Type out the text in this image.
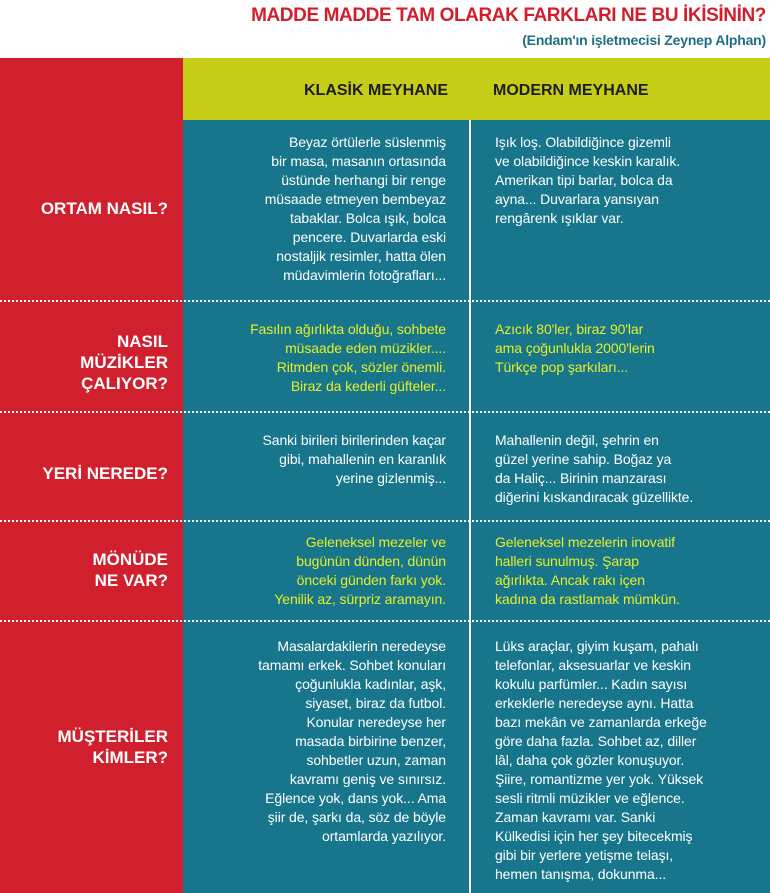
MADDE MADDE TAM OLARAK FARKLARI NE BU İKİSİNİN?
(Endam'ın işletmecisi Zeynep Alphan)
KLASİK MEYHANE	MODERN MEYHANE
ORTAM NASIL?
Beyaz örtülerle süslenmiş
bir masa, masanın ortasında
üstünde herhangi bir renge
müsaade etmeyen bembeyaz
tabaklar. Bolca ışık, bolca
pencere. Duvarlarda eski
nostaljik resimler, hatta ölen
müdavimlerin fotoğrafları...
Işık loş. Olabildiğince gizemli
ve olabildiğince keskin karalık.
Amerikan tipi barlar, bolca da
ayna... Duvarlara yansıyan
rengârenk ışıklar var.
NASIL
MÜZİKLER
ÇALIYOR?
Fasılın ağırlıkta olduğu, sohbete
müsaade eden müzikler....
Ritmden çok, sözler önemli.
Biraz da kederli güfteler...
Azıcık 80'ler, biraz 90'lar
ama çoğunlukla 2000'lerin
Türkçe pop şarkıları...
YERİ NEREDE?
Sanki birileri birilerinden kaçar
gibi, mahallenin en karanlık
yerine gizlenmiş...
Mahallenin değil, şehrin en
güzel yerine sahip. Boğaz ya
da Haliç... Birinin manzarası
diğerini kıskandıracak güzellikte.
MÖNÜDE
NE VAR?
Geleneksel mezeler ve
bugünün dünden, dünün
önceki günden farkı yok.
Yenilik az, sürpriz aramayın.
Geleneksel mezelerin inovatif
halleri sunulmuş. Şarap
ağırlıkta. Ancak rakı içen
kadına da rastlamak mümkün.
MÜŞTERİLER
KİMLER?
Masalardakilerin neredeyse
tamamı erkek. Sohbet konuları
çoğunlukla kadınlar, aşk,
siyaset, biraz da futbol.
Konular neredeyse her
masada birbirine benzer,
sohbetler uzun, zaman
kavramı geniş ve sınırsız.
Eğlence yok, dans yok... Ama
şiir de, şarkı da, söz de böyle
ortamlarda yazılıyor.
Lüks araçlar, giyim kuşam, pahalı
telefonlar, aksesuarlar ve keskin
kokulu parfümler... Kadın sayısı
erkeklerle neredeyse aynı. Hatta
bazı mekân ve zamanlarda erkeğe
göre daha fazla. Sohbet az, diller
lâl, daha çok gözler konuşuyor.
Şiire, romantizme yer yok. Yüksek
sesli ritmli müzikler ve eğlence.
Zaman kavramı var. Sanki
Külkedisi için her şey bitecekmiş
gibi bir yerlere yetişme telaşı,
hemen tanışma, dokunma...
